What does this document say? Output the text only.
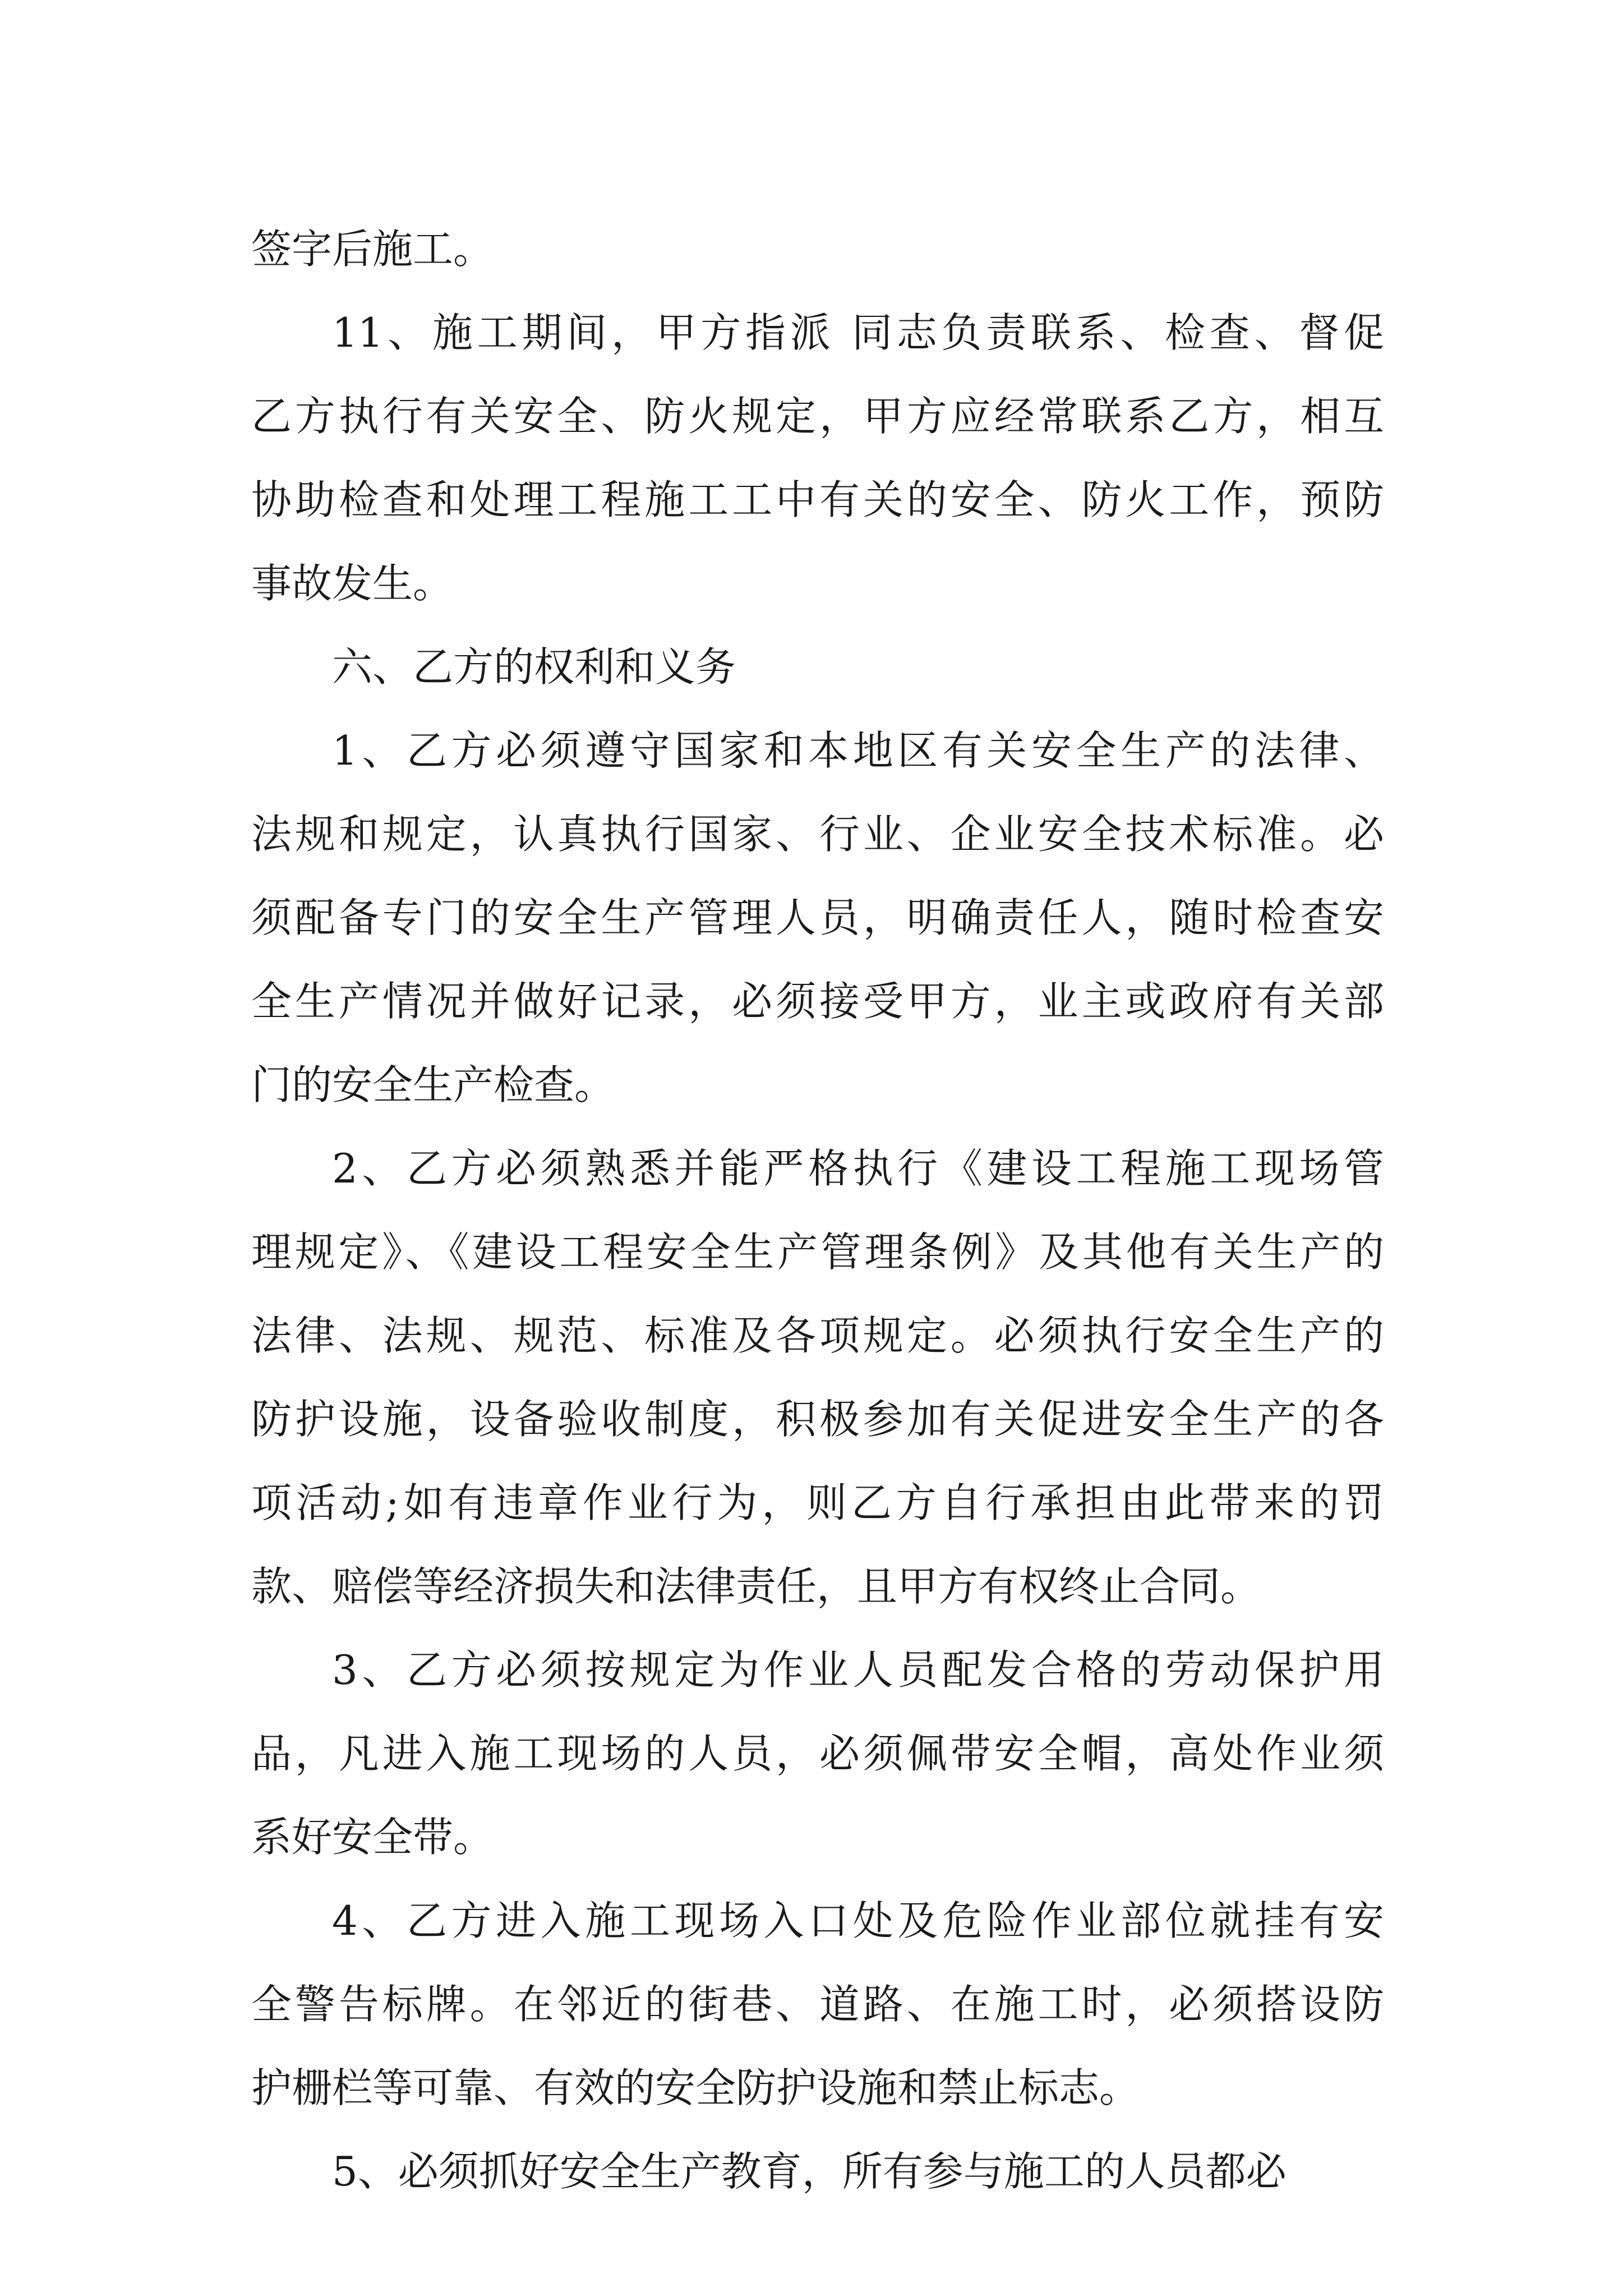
签字后施工。
11、施工期间，甲方指派 同志负责联系、检查、督促
乙方执行有关安全、防火规定，甲方应经常联系乙方，相互
协助检查和处理工程施工工中有关的安全、防火工作，预防
事故发生。
六、乙方的权利和义务
1、乙方必须遵守国家和本地区有关安全生产的法律、
法规和规定，认真执行国家、行业、企业安全技术标准。必
须配备专门的安全生产管理人员，明确责任人，随时检查安
全生产情况并做好记录，必须接受甲方，业主或政府有关部
门的安全生产检查。
2、乙方必须熟悉并能严格执行《建设工程施工现场管
理规定》、《建设工程安全生产管理条例》及其他有关生产的
法律、法规、规范、标准及各项规定。必须执行安全生产的
防护设施，设备验收制度，积极参加有关促进安全生产的各
项活动;如有违章作业行为，则乙方自行承担由此带来的罚
款、赔偿等经济损失和法律责任，且甲方有权终止合同。
3、乙方必须按规定为作业人员配发合格的劳动保护用
品，凡进入施工现场的人员，必须佩带安全帽，高处作业须
系好安全带。
4、乙方进入施工现场入口处及危险作业部位就挂有安
全警告标牌。在邻近的街巷、道路、在施工时，必须搭设防
护栅栏等可靠、有效的安全防护设施和禁止标志。
5、必须抓好安全生产教育，所有参与施工的人员都必
